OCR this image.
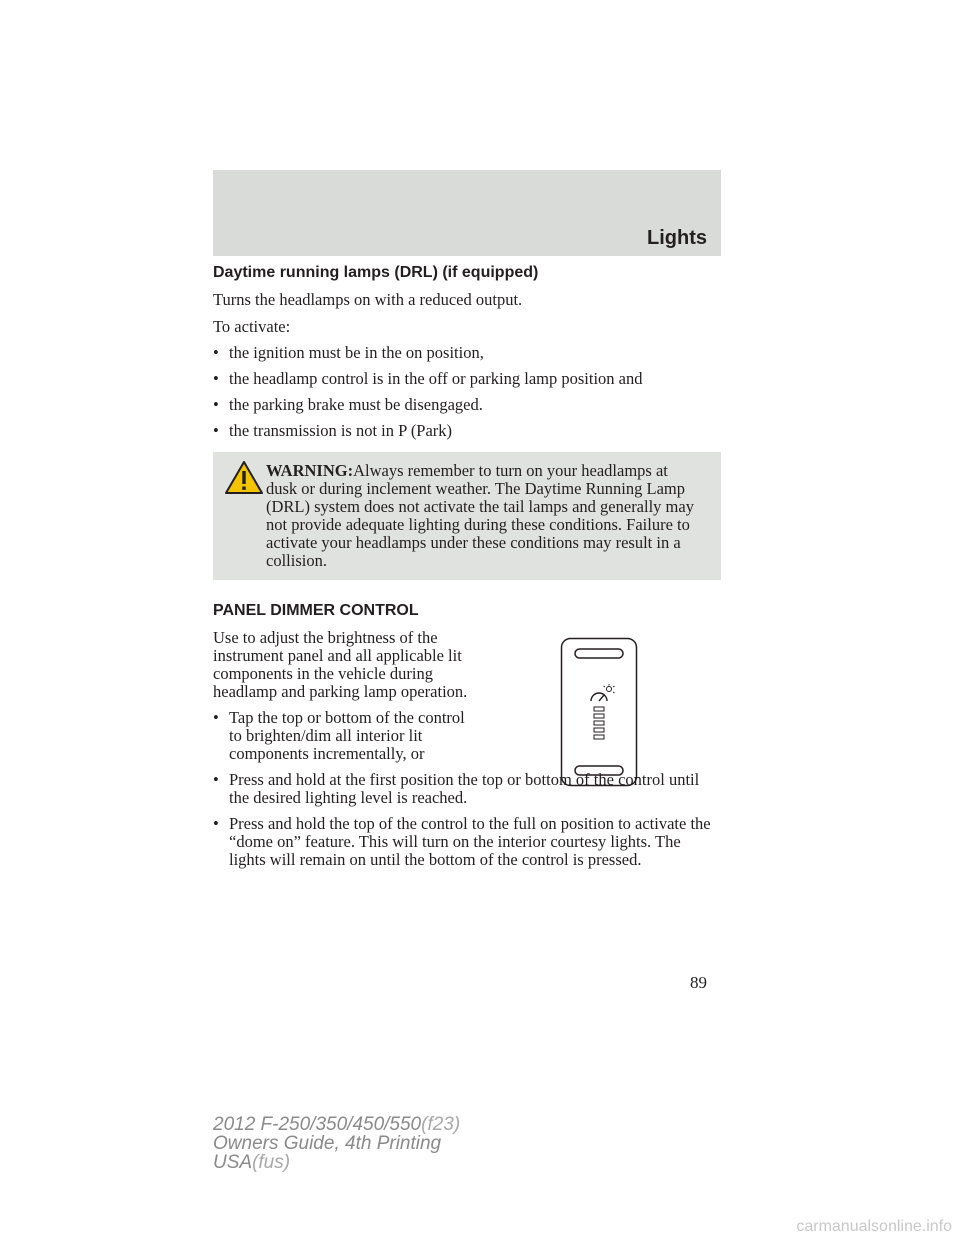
Lights
Daytime running lamps (DRL) (if equipped)

Turns the headlamps on with a reduced output.

To activate:

• the ignition must be in the on position,
• the headlamp control is in the off or parking lamp position and
• the parking brake must be disengaged.
• the transmission is not in P (Park)
WARNING:Always remember to turn on your headlamps at
dusk or during inclement weather. The Daytime Running Lamp (DRL) system does not activate the tail lamps and generally may not provide adequate lighting during these conditions. Failure to activate your headlamps under these conditions may result in a collision.
PANEL DIMMER CONTROL

Use to adjust the brightness of the instrument panel and all applicable lit components in the vehicle during headlamp and parking lamp operation.

• Tap the top or bottom of the control to brighten/dim all interior lit components incrementally, or
• Press and hold at the first position the top or bottom of the control until the desired lighting level is reached.
• Press and hold the top of the control to the full on position to activate the “dome on” feature. This will turn on the interior courtesy lights. The lights will remain on until the bottom of the control is pressed.
89
2012 F-250/350/450/550(f23)
Owners Guide, 4th Printing
USA(fus)
carmanualsonline.info
